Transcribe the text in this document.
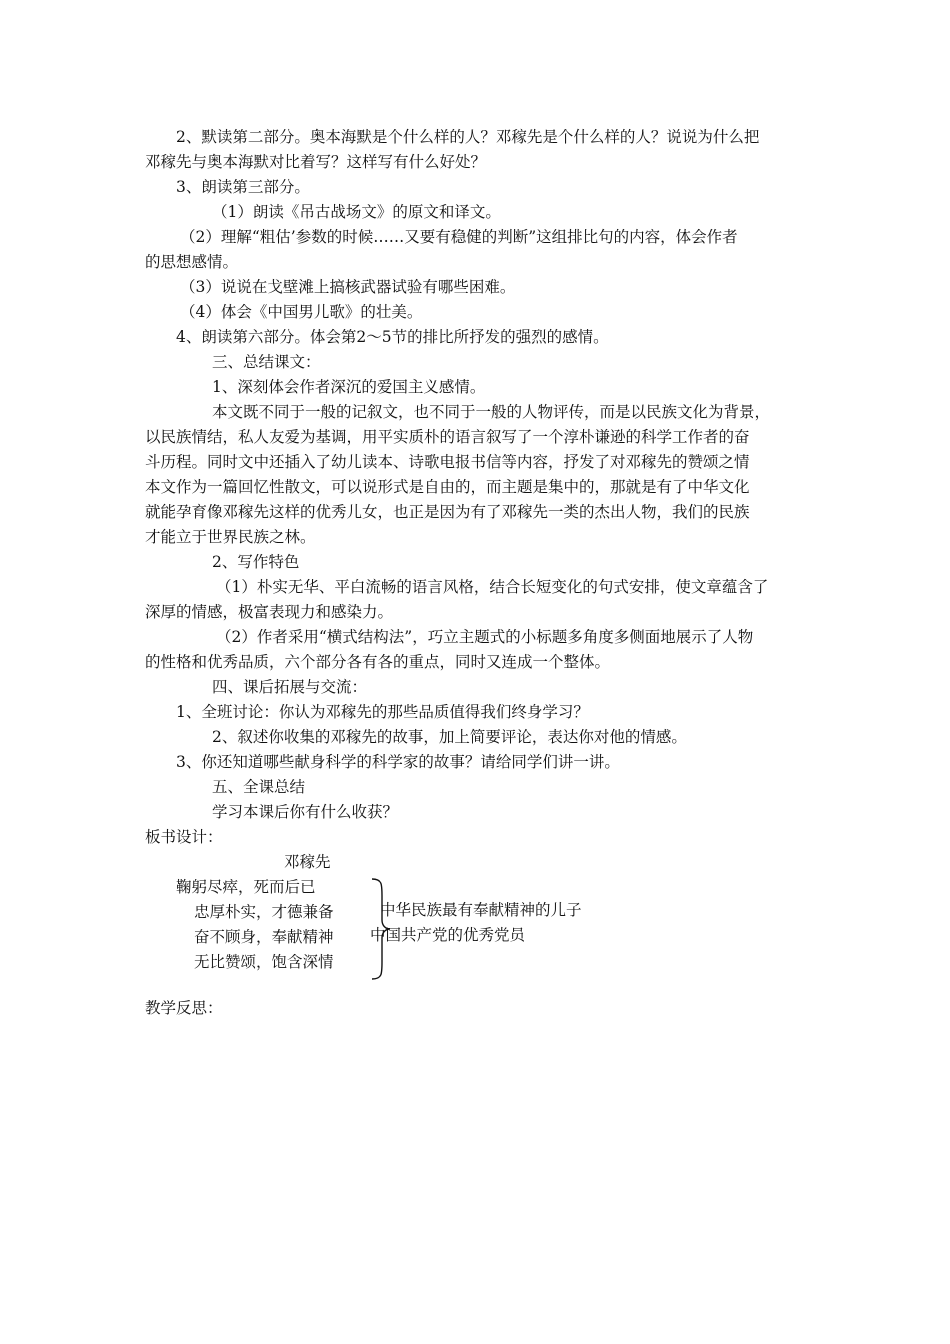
2、默读第二部分。奥本海默是个什么样的人？邓稼先是个什么样的人？说说为什么把
邓稼先与奥本海默对比着写？这样写有什么好处？
3、朗读第三部分。
（1）朗读《吊古战场文》的原文和译文。
（2）理解“粗估’参数的时候……又要有稳健的判断”这组排比句的内容，体会作者
的思想感情。
（3）说说在戈壁滩上搞核武器试验有哪些困难。
（4）体会《中国男儿歌》的壮美。
4、朗读第六部分。体会第2～5节的排比所抒发的强烈的感情。
三、总结课文：
1、深刻体会作者深沉的爱国主义感情。
本文既不同于一般的记叙文，也不同于一般的人物评传，而是以民族文化为背景，
以民族情结，私人友爱为基调，用平实质朴的语言叙写了一个淳朴谦逊的科学工作者的奋
斗历程。同时文中还插入了幼儿读本、诗歌电报书信等内容，抒发了对邓稼先的赞颂之情
本文作为一篇回忆性散文，可以说形式是自由的，而主题是集中的，那就是有了中华文化
就能孕育像邓稼先这样的优秀儿女，也正是因为有了邓稼先一类的杰出人物，我们的民族
才能立于世界民族之林。
2、写作特色
（1）朴实无华、平白流畅的语言风格，结合长短变化的句式安排，使文章蕴含了
深厚的情感，极富表现力和感染力。
（2）作者采用“横式结构法”，巧立主题式的小标题多角度多侧面地展示了人物
的性格和优秀品质，六个部分各有各的重点，同时又连成一个整体。
四、课后拓展与交流：
1、全班讨论：你认为邓稼先的那些品质值得我们终身学习？
2、叙述你收集的邓稼先的故事，加上简要评论，表达你对他的情感。
3、你还知道哪些献身科学的科学家的故事？请给同学们讲一讲。
五、全课总结
学习本课后你有什么收获？
板书设计：
邓稼先
鞠躬尽瘁，死而后已
忠厚朴实，才德兼备
奋不顾身，奉献精神
无比赞颂，饱含深情
中华民族最有奉献精神的儿子
中国共产党的优秀党员
教学反思：
